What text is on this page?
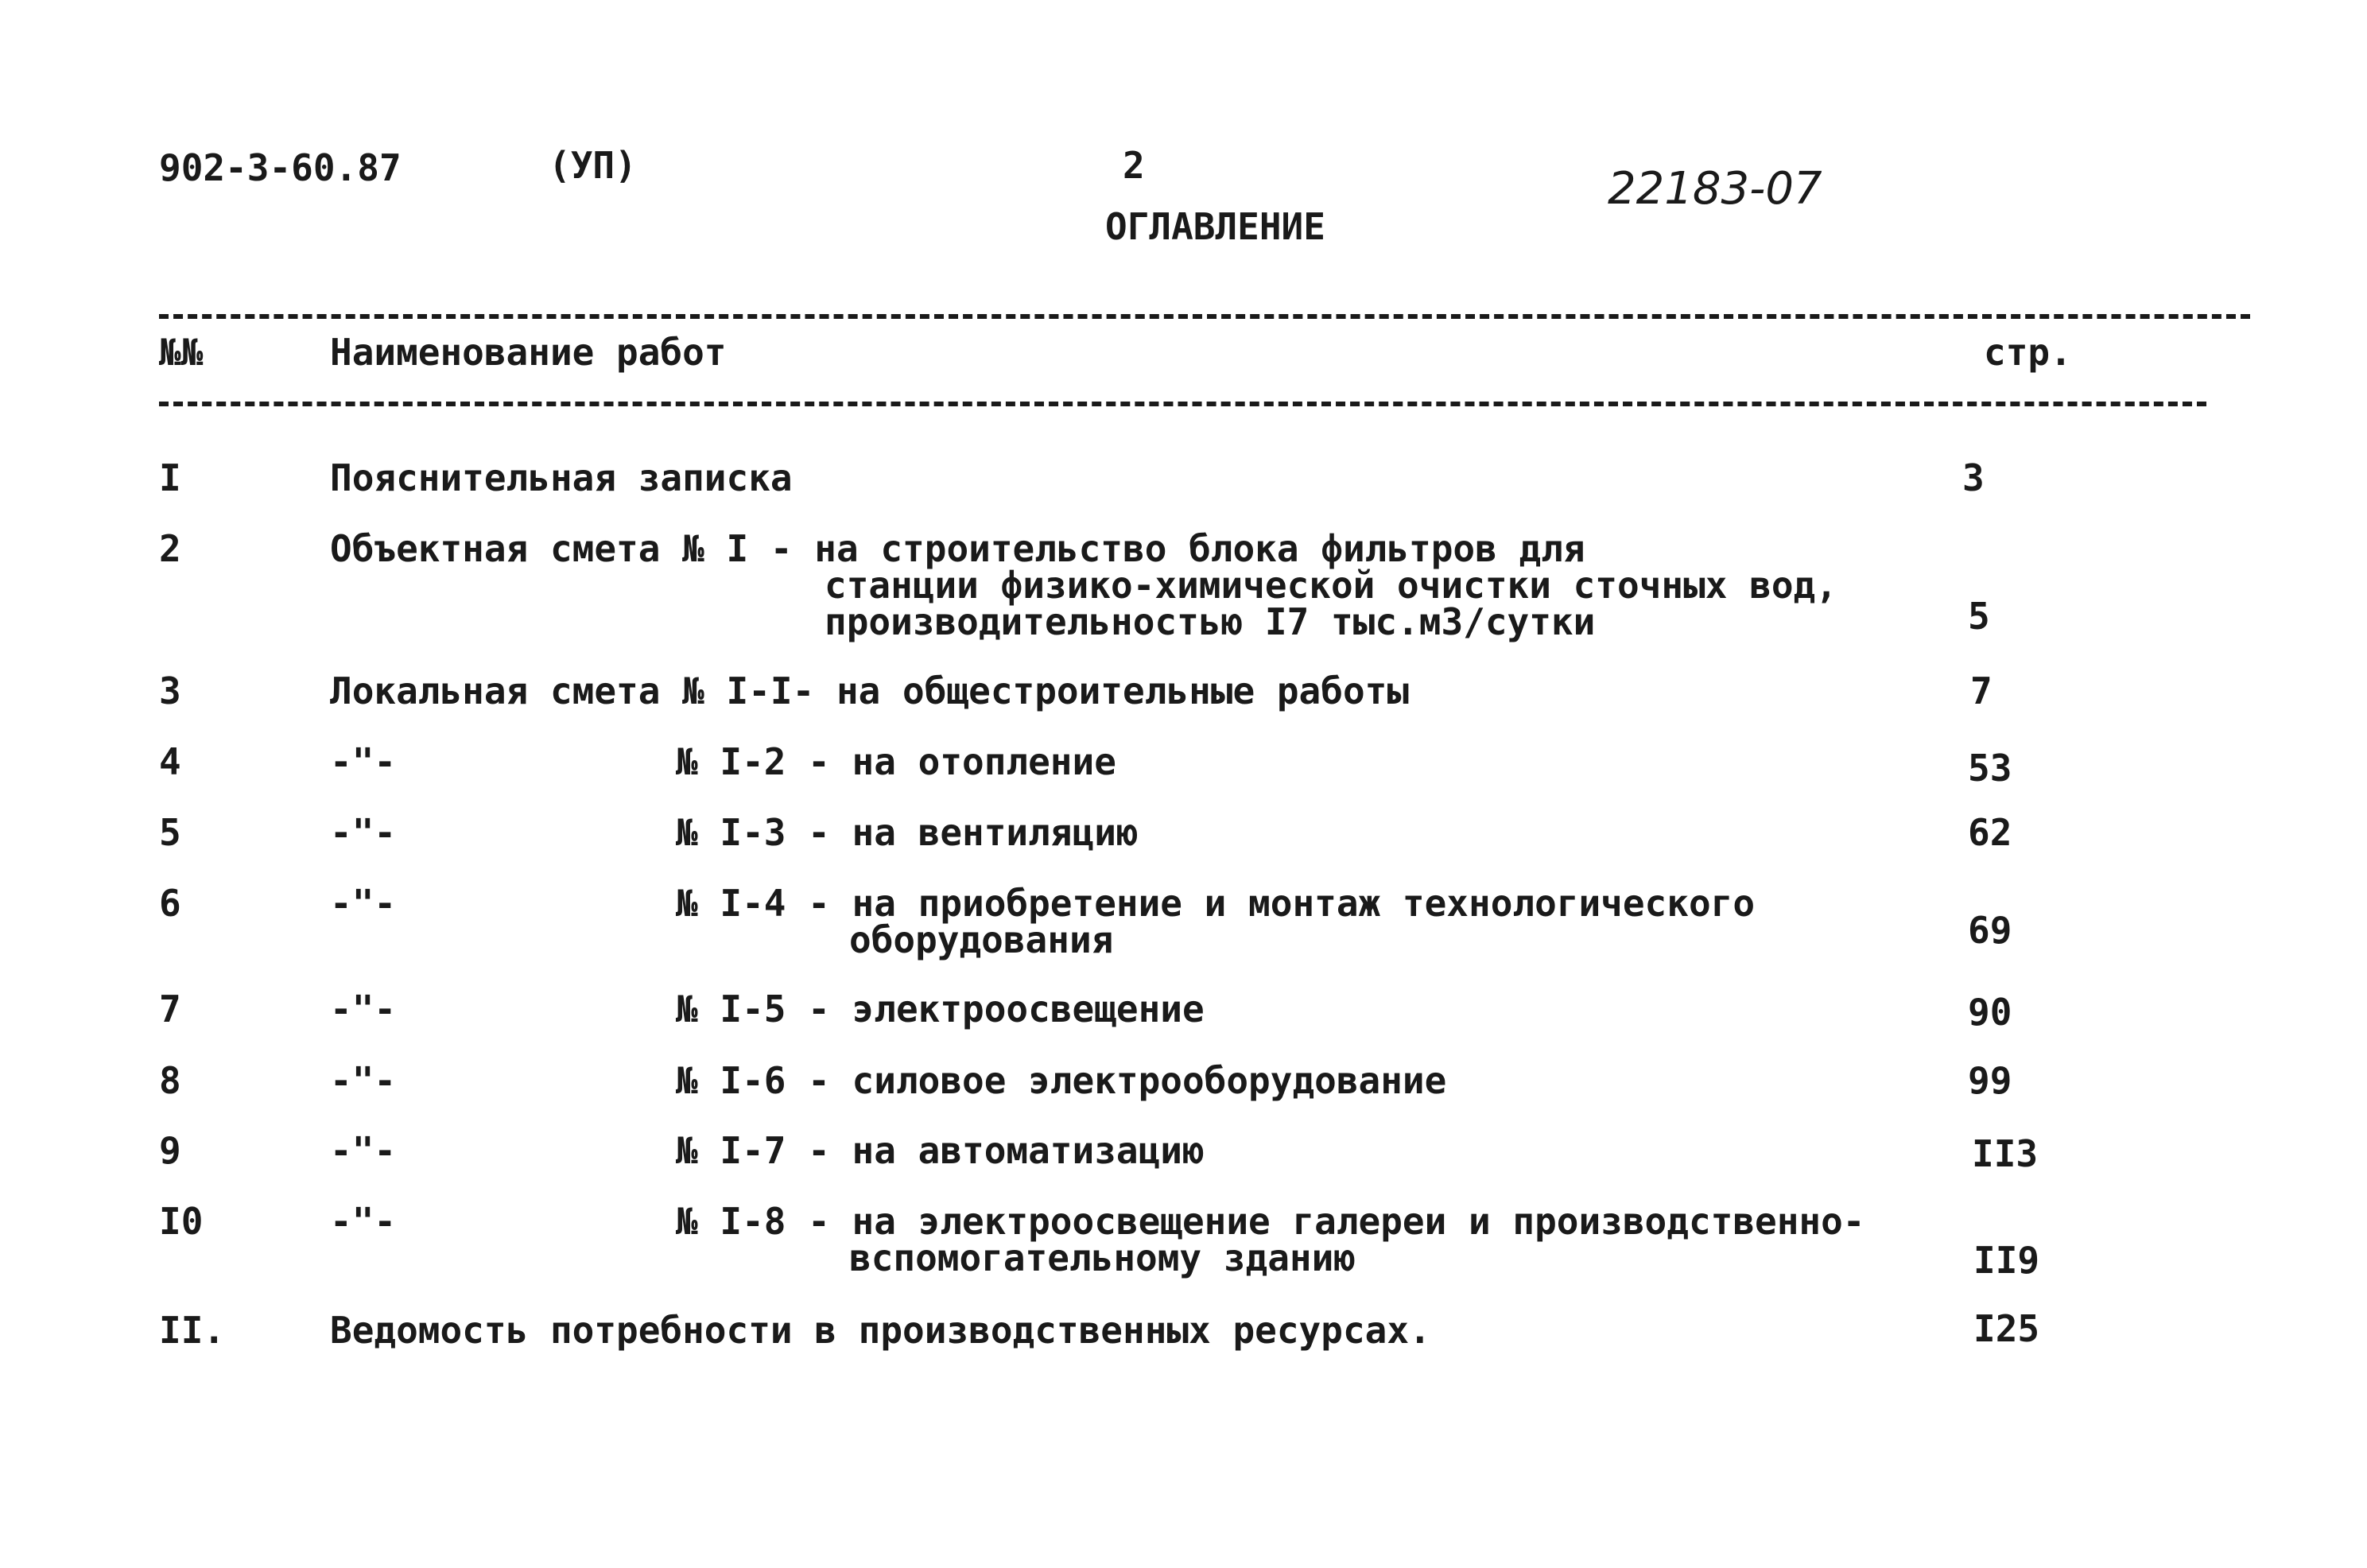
902-3-60.87	(УП)	2	22183-07
ОГЛАВЛЕНИЕ
№№	Наименование работ	стр.
I	Пояснительная записка	3
2	Объектная смета № I - на строительство блока фильтров для
станции физико-химической очистки сточных вод,
производительностью I7 тыс.м3/сутки	5
3	Локальная смета № I-I- на общестроительные работы	7
4	-"-	№ I-2 - на отопление	53
5	-"-	№ I-3 - на вентиляцию	62
6	-"-	№ I-4 - на приобретение и монтаж технологического
оборудования	69
7	-"-	№ I-5 - электроосвещение	90
8	-"-	№ I-6 - силовое электрооборудование	99
9	-"-	№ I-7 - на автоматизацию	II3
I0	-"-	№ I-8 - на электроосвещение галереи и производственно-
вспомогательному зданию	II9
II.	Ведомость потребности в производственных ресурсах.	I25
